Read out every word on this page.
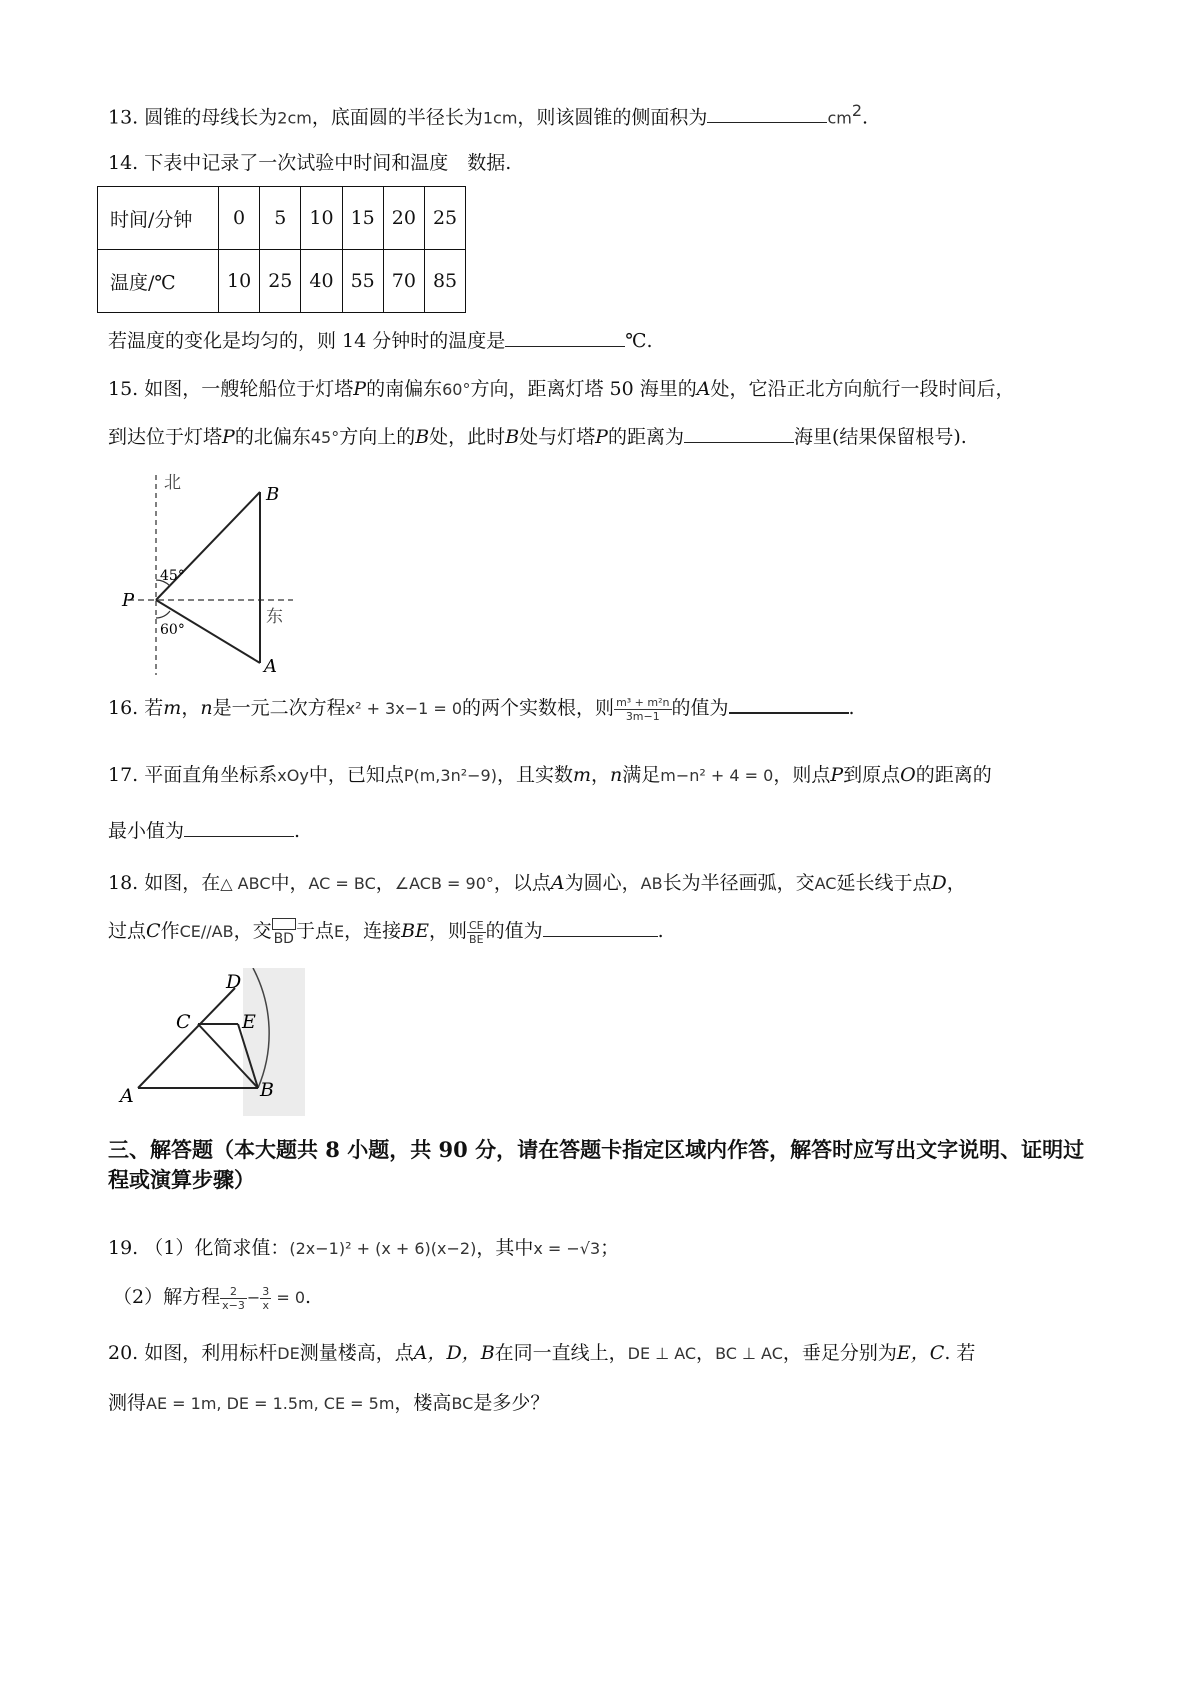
13. 圆锥的母线长为2cm，底面圆的半径长为1cm，则该圆锥的侧面积为	$cm^2$.
14. 下表中记录了一次试验中时间和温度　数据.
时间/分钟	0	5	10	15	20	25
温度/℃	10	25	40	55	70	85
若温度的变化是均匀的，则 14 分钟时的温度是	℃.
15. 如图，一艘轮船位于灯塔P的南偏东60°方向，距离灯塔 50 海里的A处，它沿正北方向航行一段时间后，
到达位于灯塔P的北偏东45°方向上的B处，此时B处与灯塔P的距离为	海里(结果保留根号).
北
东
B
P
A
45°
60°
16. 若m，n是一元二次方程x² + 3x−1 = 0的两个实数根，则 $\frac{\text{m³ + m²n}}{3m-1}$ 的值为	.
17. 平面直角坐标系xOy中，已知点P(m,3n²−9)，且实数m，n满足m−n² + 4 = 0，则点P到原点O的距离的
最小值为	.
18. 如图，在△ ABC中，AC = BC，∠ACB = 90°，以点A为圆心，AB长为半径画弧，交AC延长线于点D，
过点C作CE//AB，交 BD 于点E，连接BE，则 $\frac{CE}{BE}$ 的值为	.
A	B
C
D
E
三、解答题（本大题共 8 小题，共 90 分，请在答题卡指定区域内作答，解答时应写出文字说明、证明过程或演算步骤）
19. （1）化简求值：(2x−1)² + (x + 6)(x−2)，其中x = −√3；
（2）解方程 $\frac{2}{x-3} - \frac{3}{x} = 0$.
20. 如图，利用标杆DE测量楼高，点A，D，B在同一直线上，DE ⊥ AC，BC ⊥ AC，垂足分别为E，C. 若
测得AE = 1m, DE = 1.5m, CE = 5m，楼高BC是多少？
